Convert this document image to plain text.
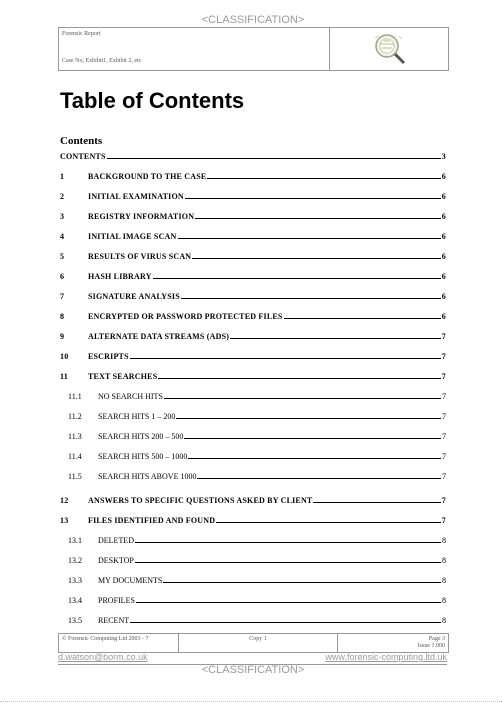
<CLASSIFICATION>
Forensic Report
Case No, Exhibit1, Exhibit 2, etc
Table of Contents
Contents
CONTENTS	3
1	BACKGROUND TO THE CASE	6
2	INITIAL EXAMINATION	6
3	REGISTRY INFORMATION	6
4	INITIAL IMAGE SCAN	6
5	RESULTS OF VIRUS SCAN	6
6	HASH LIBRARY	6
7	SIGNATURE ANALYSIS	6
8	ENCRYPTED OR PASSWORD PROTECTED FILES	6
9	ALTERNATE DATA STREAMS (ADS)	7
10	ESCRIPTS	7
11	TEXT SEARCHES	7
11.1	NO SEARCH HITS	7
11.2	SEARCH HITS 1 – 200	7
11.3	SEARCH HITS 200 – 500	7
11.4	SEARCH HITS 500 – 1000	7
11.5	SEARCH HITS ABOVE 1000	7
12	ANSWERS TO SPECIFIC QUESTIONS ASKED BY CLIENT	7
13	FILES IDENTIFIED AND FOUND	7
13.1	DELETED	8
13.2	DESKTOP	8
13.3	MY DOCUMENTS	8
13.4	PROFILES	8
13.5	RECENT	8
© Forensic Computing Ltd 2003 - 7	Copy 1	Page 3
Issue 1.000
d.watson@borm.co.uk	www.forensic-computing.ltd.uk
<CLASSIFICATION>
